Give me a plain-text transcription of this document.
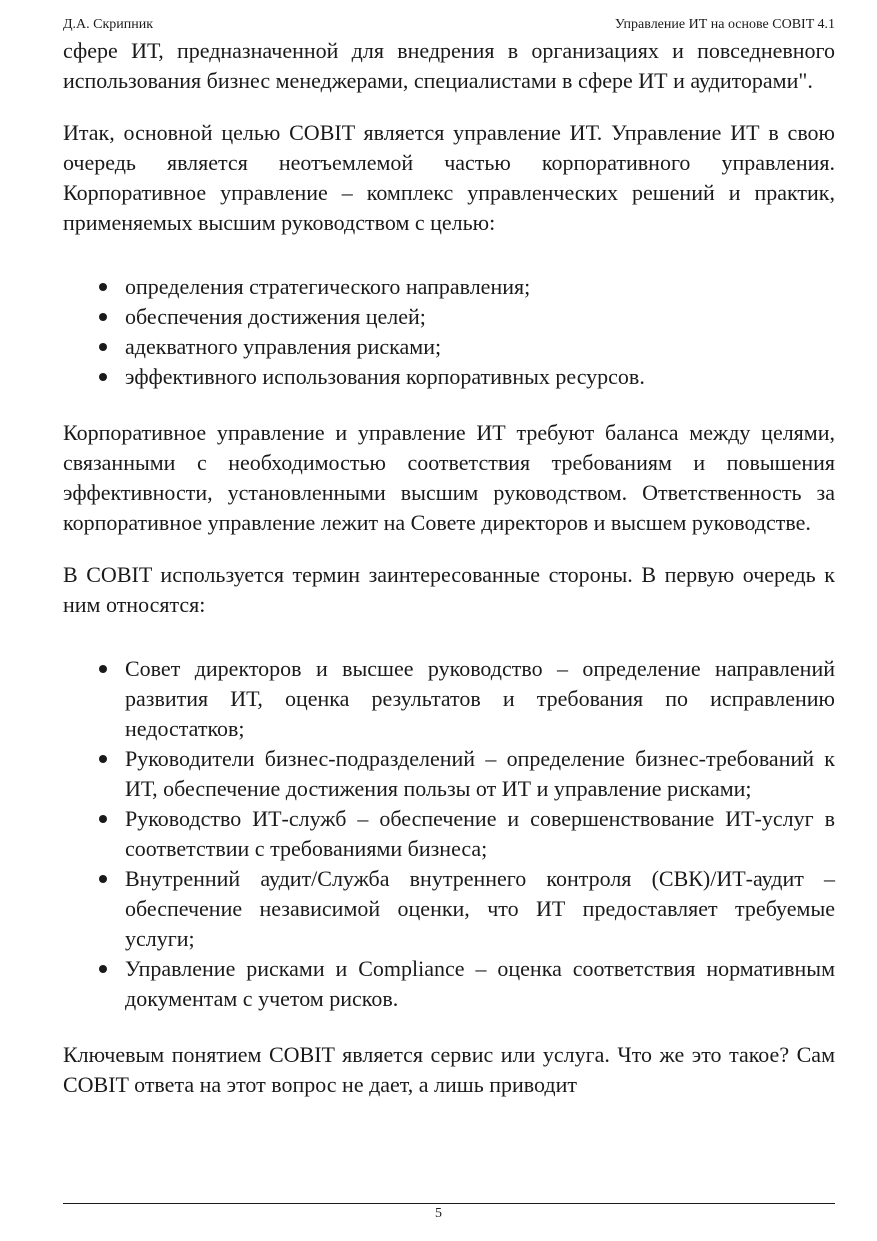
Д.А. Скрипник	Управление ИТ на основе COBIT 4.1

сфере ИТ, предназначенной для внедрения в организациях и повседневного использования бизнес менеджерами, специалистами в сфере ИТ и аудиторами".

Итак, основной целью COBIT является управление ИТ. Управление ИТ в свою очередь является неотъемлемой частью корпоративного управления. Корпоративное управление – комплекс управленческих решений и практик, применяемых высшим руководством с целью:

определения стратегического направления;
обеспечения достижения целей;
адекватного управления рисками;
эффективного использования корпоративных ресурсов.

Корпоративное управление и управление ИТ требуют баланса между целями, связанными с необходимостью соответствия требованиям и повышения эффективности, установленными высшим руководством. Ответственность за корпоративное управление лежит на Совете директоров и высшем руководстве.

В COBIT используется термин заинтересованные стороны. В первую очередь к ним относятся:

Совет директоров и высшее руководство – определение направлений развития ИТ, оценка результатов и требования по исправлению недостатков;
Руководители бизнес-подразделений – определение бизнес-требований к ИТ, обеспечение достижения пользы от ИТ и управление рисками;
Руководство ИТ-служб – обеспечение и совершенствование ИТ-услуг в соответствии с требованиями бизнеса;
Внутренний аудит/Служба внутреннего контроля (СВК)/ИТ-аудит – обеспечение независимой оценки, что ИТ предоставляет требуемые услуги;
Управление рисками и Compliance – оценка соответствия нормативным документам с учетом рисков.

Ключевым понятием COBIT является сервис или услуга. Что же это такое? Сам COBIT ответа на этот вопрос не дает, а лишь приводит

5
